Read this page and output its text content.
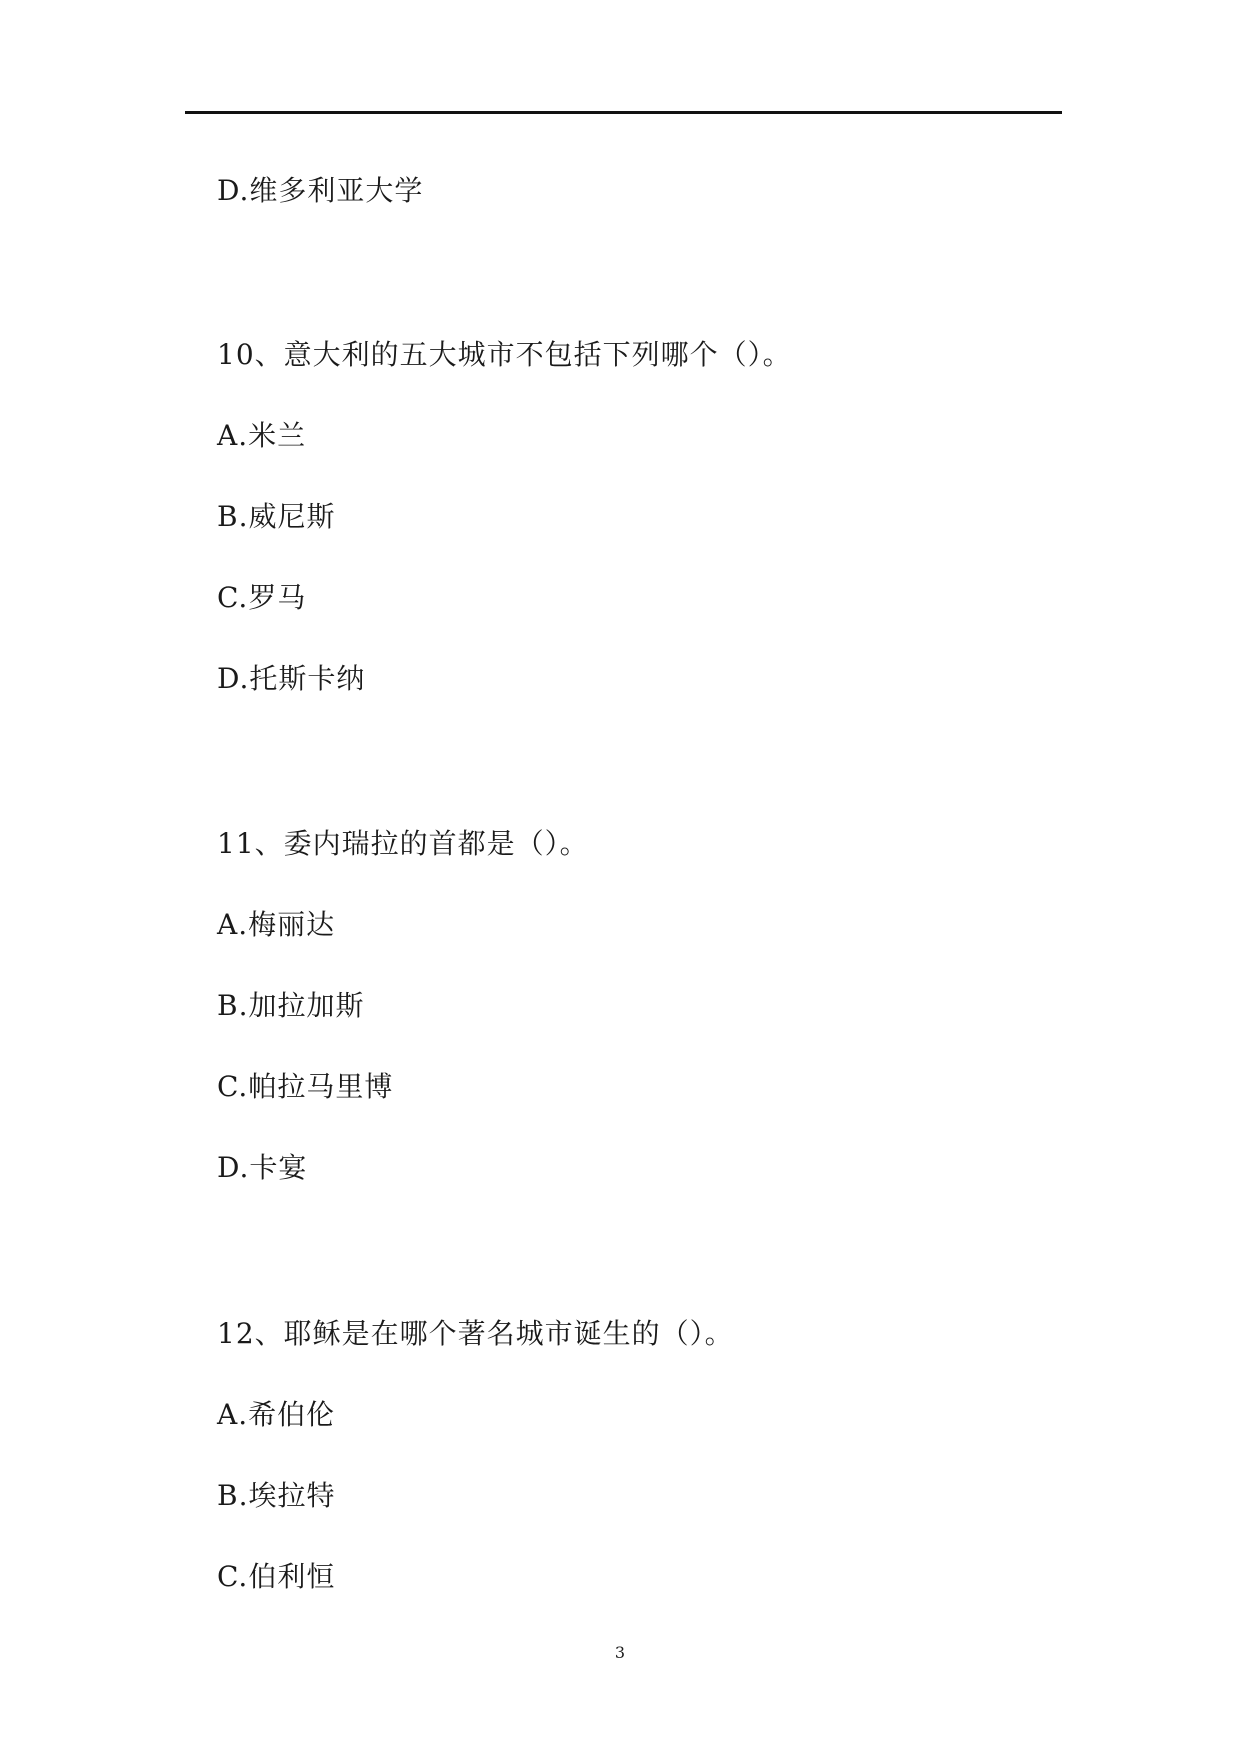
D.维多利亚大学
10、意大利的五大城市不包括下列哪个（）。
A.米兰
B.威尼斯
C.罗马
D.托斯卡纳
11、委内瑞拉的首都是（）。
A.梅丽达
B.加拉加斯
C.帕拉马里博
D.卡宴
12、耶稣是在哪个著名城市诞生的（）。
A.希伯伦
B.埃拉特
C.伯利恒
3
